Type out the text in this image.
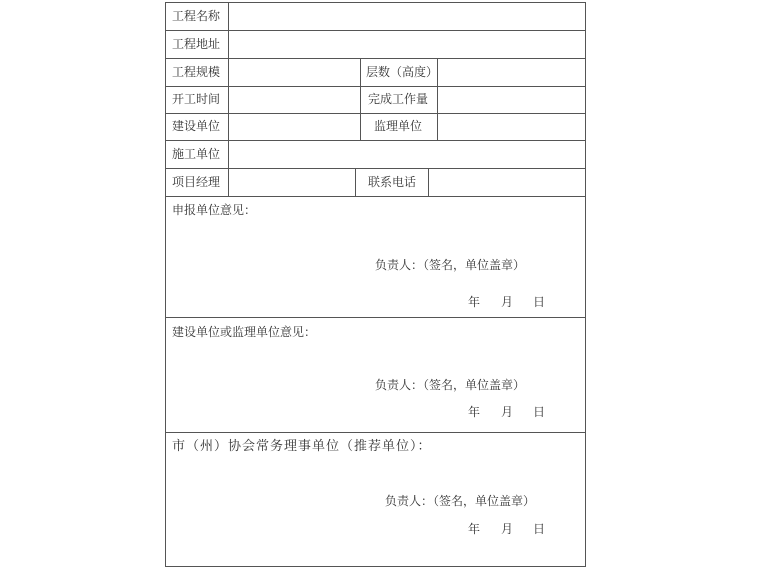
工程名称
工程地址
工程规模	层数（高度）
开工时间	完成工作量
建设单位	监理单位
施工单位
项目经理	联系电话
申报单位意见：
负责人：（签名，单位盖章）
年 月 日
建设单位或监理单位意见：
负责人：（签名，单位盖章）
年 月 日
市（州）协会常务理事单位（推荐单位）：
负责人：（签名，单位盖章）
年 月 日
